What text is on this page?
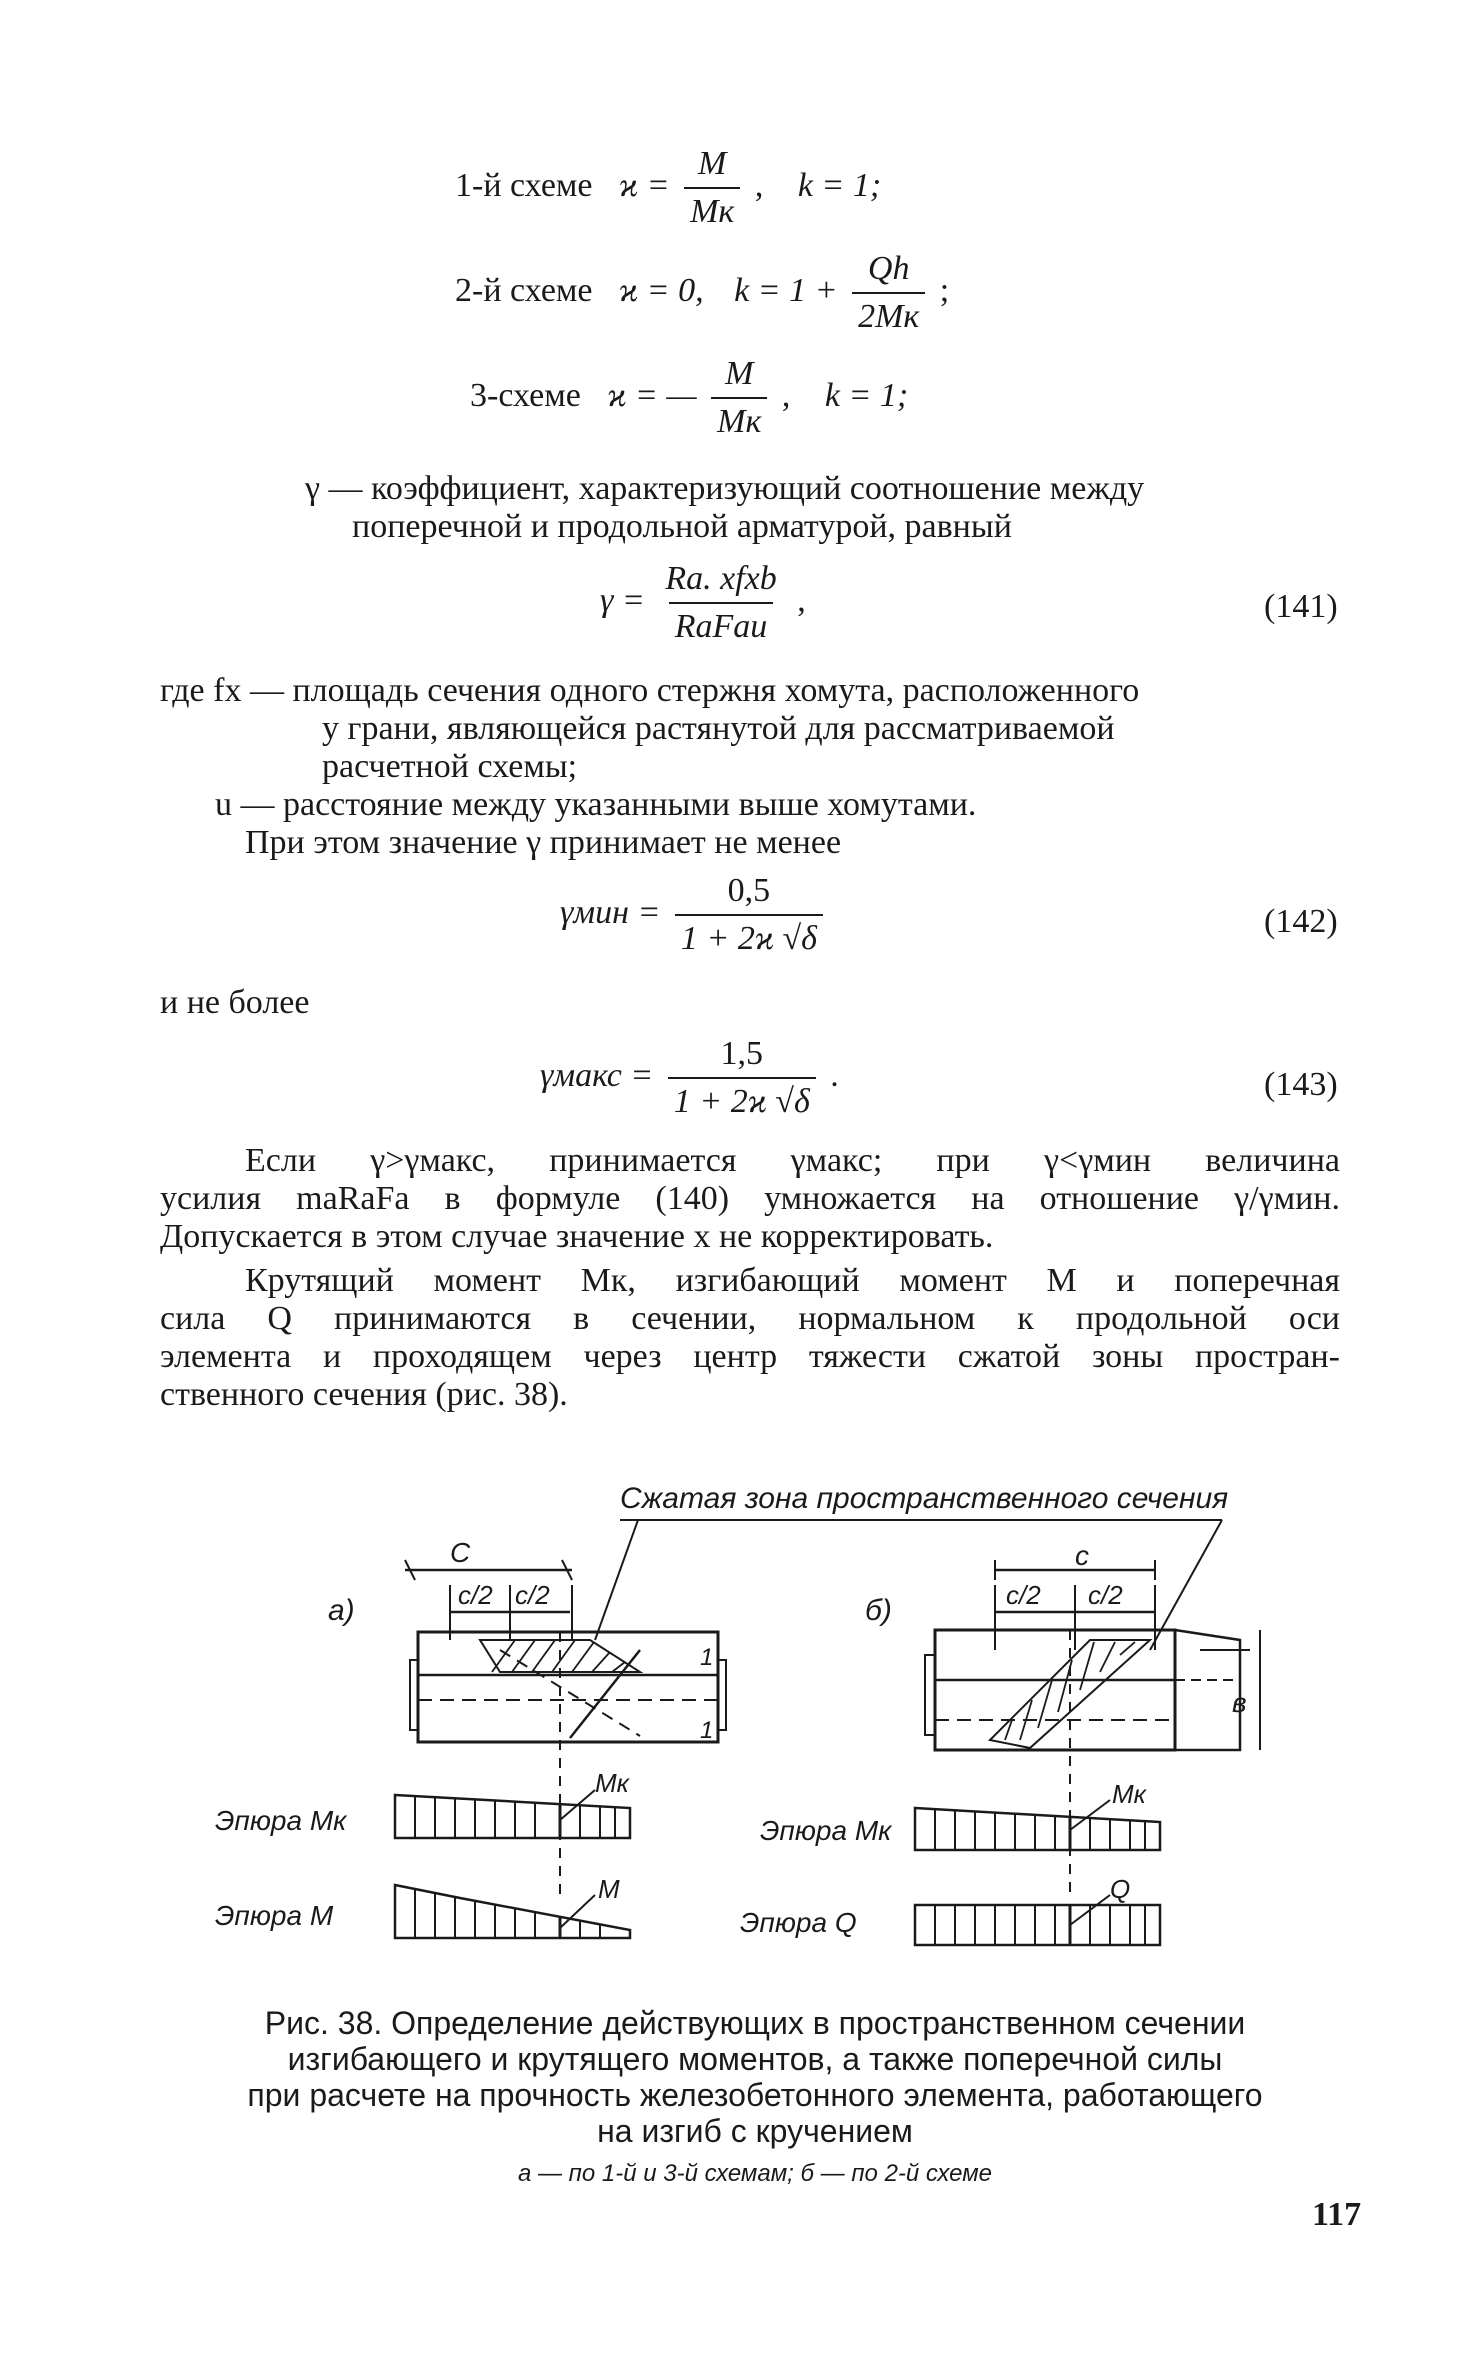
1-й схеме $ϰ = \frac{M}{Mк}$ , k = 1;
2-й схеме ϰ = 0, $k = 1 + \frac{Qh}{2Mк}$ ;
3-схеме ϰ = — $\frac{M}{Mк}$ , k = 1;
γ — коэффициент, характеризующий соотношение между
поперечной и продольной арматурой, равный
$\gamma = \frac{\text{Ra. xfxb}}{\text{RaFau}}$ ,	(141)
где fx — площадь сечения одного стержня хомута, расположенного
у грани, являющейся растянутой для рассматриваемой
расчетной схемы;
u — расстояние между указанными выше хомутами.
При этом значение γ принимает не менее
$\gamma мин = \frac{0,5}{1 + 2ϰ √\delta}$	(142)
и не более
γмакс = $\frac{1,5}{1 + 2ϰ √\delta}$ .	(143)
Если γ>γмакс, принимается γмакс; при γ<γмин величина
усилия maRaFa в формуле (140) умножается на отношение γ/γмин.
Допускается в этом случае значение x не корректировать.
Крутящий момент Mк, изгибающий момент M и поперечная
сила Q принимаются в сечении, нормальном к продольной оси
элемента и проходящем через центр тяжести сжатой зоны простран-
ственного сечения (рис. 38).
Сжатая зона пространственного сечения
а)
С
с/2 с/2
1
1
Эпюра Mк
Mк
Эпюра М
M
б)
с
с/2 с/2
в
Эпюра Mк
Mк
Эпюра Q
Q
Рис. 38. Определение действующих в пространственном сечении
изгибающего и крутящего моментов, а также поперечной силы
при расчете на прочность железобетонного элемента, работающего
на изгиб с кручением
а — по 1-й и 3-й схемам; б — по 2-й схеме
117
